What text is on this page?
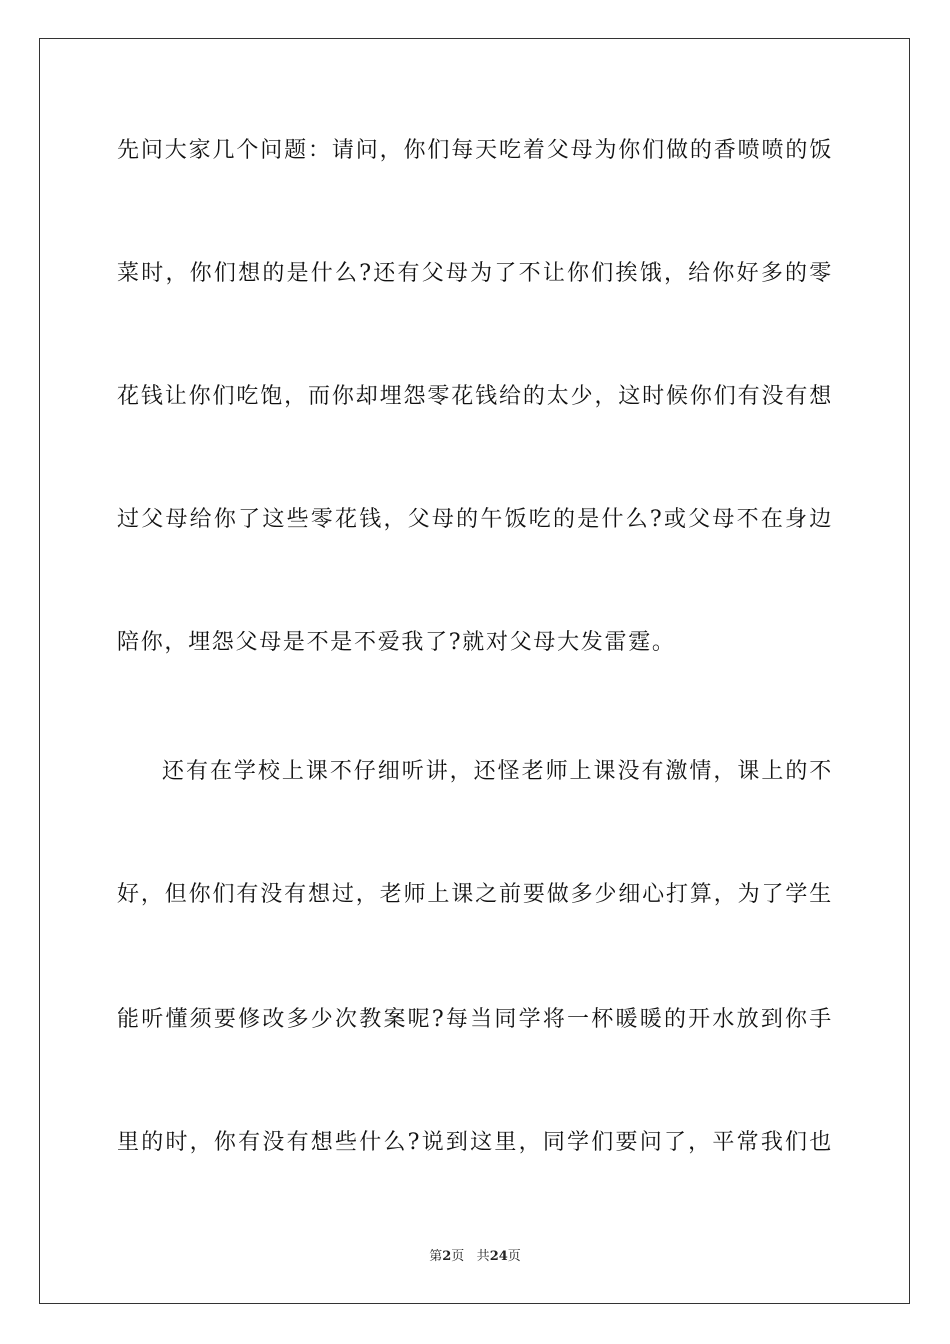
先问大家几个问题：请问，你们每天吃着父母为你们做的香喷喷的饭

菜时，你们想的是什么?还有父母为了不让你们挨饿，给你好多的零

花钱让你们吃饱，而你却埋怨零花钱给的太少，这时候你们有没有想

过父母给你了这些零花钱，父母的午饭吃的是什么?或父母不在身边

陪你，埋怨父母是不是不爱我了?就对父母大发雷霆。

还有在学校上课不仔细听讲，还怪老师上课没有激情，课上的不

好，但你们有没有想过，老师上课之前要做多少细心打算，为了学生

能听懂须要修改多少次教案呢?每当同学将一杯暖暖的开水放到你手

里的时，你有没有想些什么?说到这里，同学们要问了，平常我们也

第2页 共24页
